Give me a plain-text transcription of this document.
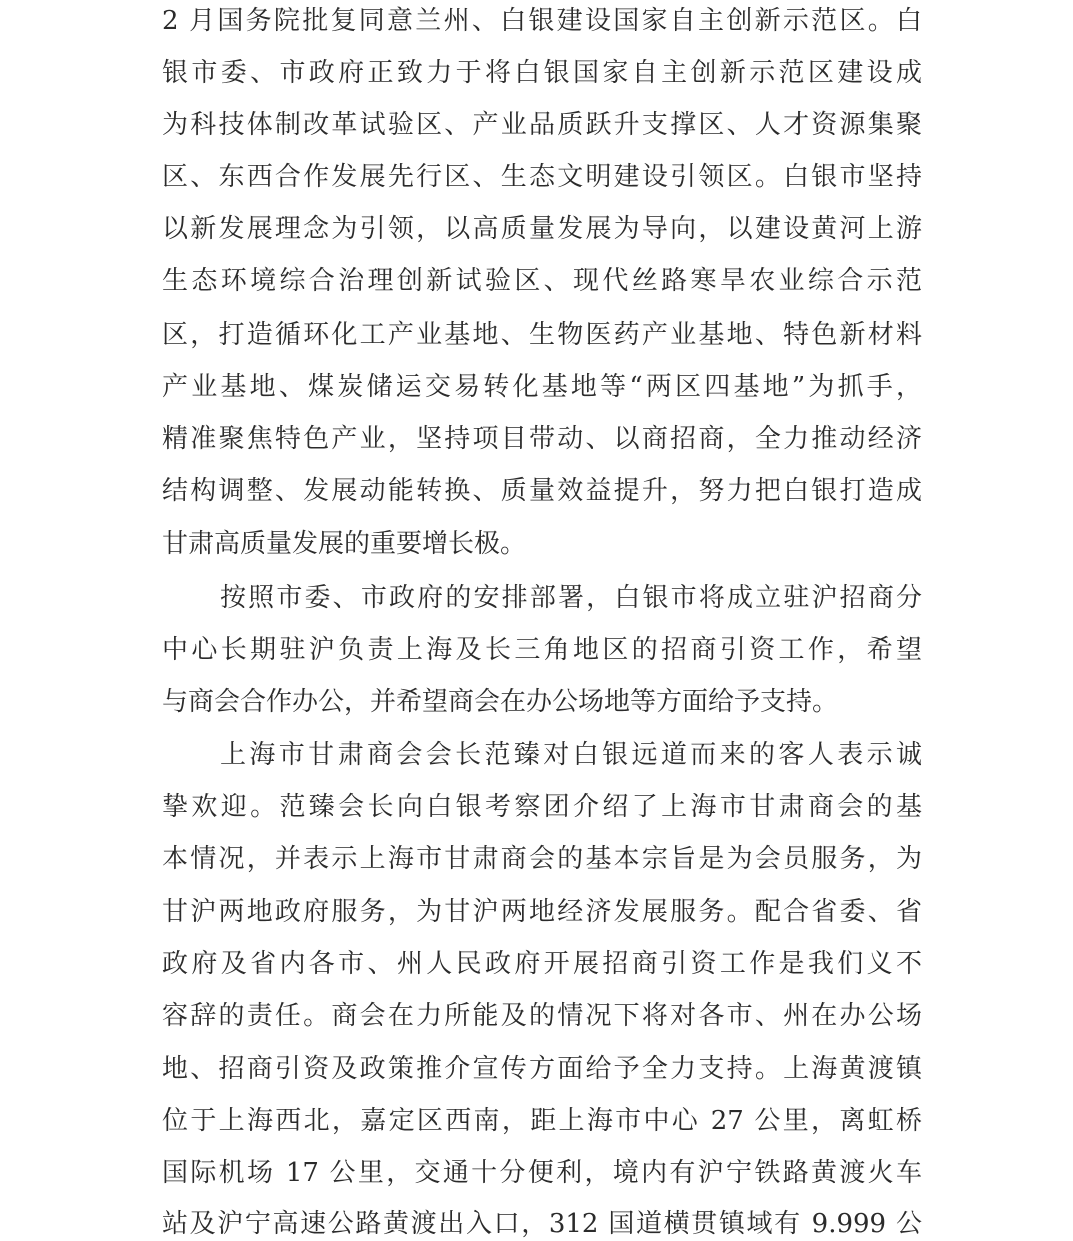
2 月国务院批复同意兰州、白银建设国家自主创新示范区。白
银市委、市政府正致力于将白银国家自主创新示范区建设成
为科技体制改革试验区、产业品质跃升支撑区、人才资源集聚
区、东西合作发展先行区、生态文明建设引领区。白银市坚持
以新发展理念为引领，以高质量发展为导向，以建设黄河上游
生态环境综合治理创新试验区、现代丝路寒旱农业综合示范
区，打造循环化工产业基地、生物医药产业基地、特色新材料
产业基地、煤炭储运交易转化基地等“两区四基地”为抓手，
精准聚焦特色产业，坚持项目带动、以商招商，全力推动经济
结构调整、发展动能转换、质量效益提升，努力把白银打造成
甘肃高质量发展的重要增长极。
按照市委、市政府的安排部署，白银市将成立驻沪招商分
中心长期驻沪负责上海及长三角地区的招商引资工作，希望
与商会合作办公，并希望商会在办公场地等方面给予支持。
上海市甘肃商会会长范臻对白银远道而来的客人表示诚
挚欢迎。范臻会长向白银考察团介绍了上海市甘肃商会的基
本情况，并表示上海市甘肃商会的基本宗旨是为会员服务，为
甘沪两地政府服务，为甘沪两地经济发展服务。配合省委、省
政府及省内各市、州人民政府开展招商引资工作是我们义不
容辞的责任。商会在力所能及的情况下将对各市、州在办公场
地、招商引资及政策推介宣传方面给予全力支持。上海黄渡镇
位于上海西北，嘉定区西南，距上海市中心 27 公里，离虹桥
国际机场 17 公里，交通十分便利，境内有沪宁铁路黄渡火车
站及沪宁高速公路黄渡出入口，312 国道横贯镇域有 9.999 公
